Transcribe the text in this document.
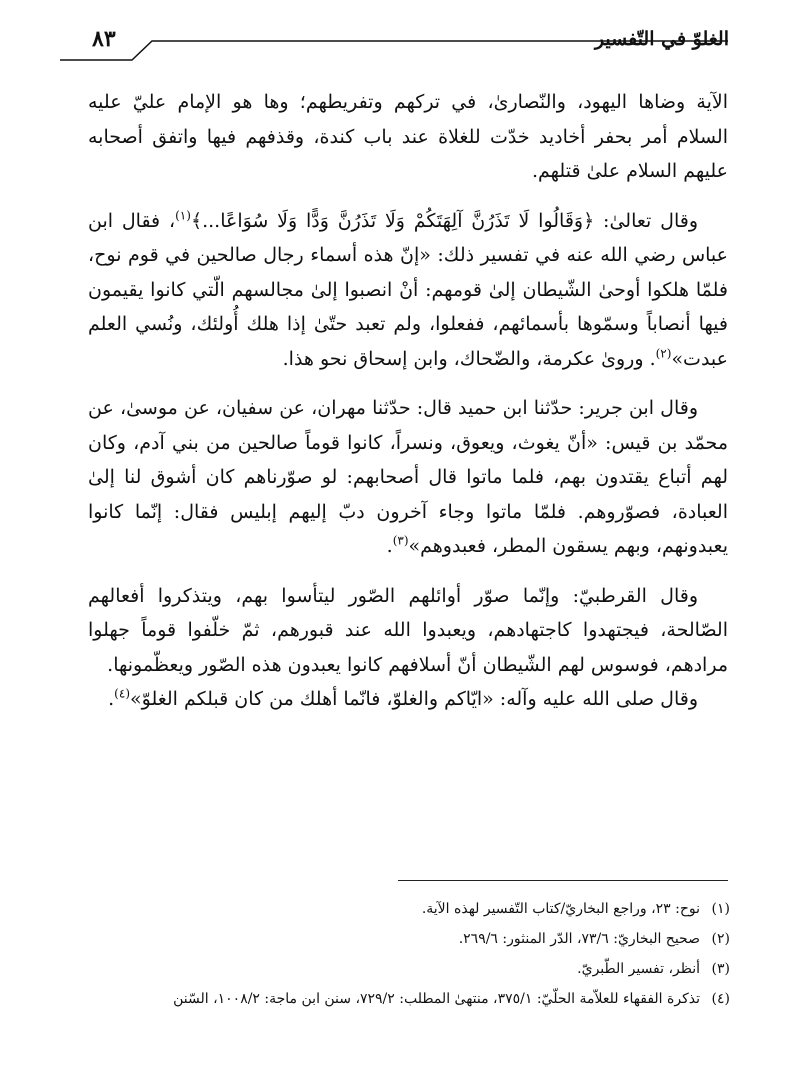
الغلوّ في التّفسير
٨٣

الآية وضاها اليهود، والنّصارىٰ، في تركهم وتفريطهم؛ وها هو الإمام عليّ عليه السلام أمر بحفر أخاديد خدّت للغلاة عند باب كندة، وقذفهم فيها واتفق أصحابه عليهم السلام علىٰ قتلهم.

وقال تعالىٰ: ﴿وَقَالُوا لَا تَذَرُنَّ آلِهَتَكُمْ وَلَا تَذَرُنَّ وَدًّا وَلَا سُوَاعًا...﴾$^{(١)}$، فقال ابن عباس رضي الله عنه في تفسير ذلك: «إنّ هذه أسماء رجال صالحين في قوم نوح، فلمّا هلكوا أوحىٰ الشّيطان إلىٰ قومهم: أنْ انصبوا إلىٰ مجالسهم الّتي كانوا يقيمون فيها أنصاباً وسمّوها بأسمائهم، ففعلوا، ولم تعبد حتّىٰ إذا هلك أُولئك، ونُسي العلم عبدت»$^{(٢)}$. ورویٰ عكرمة، والضّحاك، وابن إسحاق نحو هذا.

وقال ابن جرير: حدّثنا ابن حميد قال: حدّثنا مهران، عن سفيان، عن موسىٰ، عن محمّد بن قيس: «أنّ يغوث، ويعوق، ونسراً، كانوا قوماً صالحين من بني آدم، وكان لهم أتباع يقتدون بهم، فلما ماتوا قال أصحابهم: لو صوّرناهم كان أشوق لنا إلىٰ العبادة، فصوّروهم. فلمّا ماتوا وجاء آخرون دبّ إليهم إبليس فقال: إنّما كانوا يعبدونهم، وبهم يسقون المطر، فعبدوهم»$^{(٣)}$.

وقال القرطبيّ: وإنّما صوّر أوائلهم الصّور ليتأسوا بهم، ويتذكروا أفعالهم الصّالحة، فيجتهدوا كاجتهادهم، ويعبدوا الله عند قبورهم، ثمّ خلّفوا قوماً جهلوا مرادهم، فوسوس لهم الشّيطان أنّ أسلافهم كانوا يعبدون هذه الصّور ويعظّمونها.

وقال صلى الله عليه وآله: «ايّاكم والغلوّ، فانّما أهلك من كان قبلكم الغلوّ»$^{(٤)}$.

(١)نوح: ٢٣، وراجع البخاريّ/كتاب التّفسير لهذه الآية.
(٢)صحيح البخاريّ: ٧٣/٦، الدّر المنثور: ٢٦٩/٦.
(٣)أنظر، تفسير الطّبريّ.
(٤)تذكرة الفقهاء للعلاّمة الحلّيّ: ٣٧٥/١، منتهىٰ المطلب: ٧٢٩/٢، سنن ابن ماجة: ١٠٠٨/٢، السّنن
